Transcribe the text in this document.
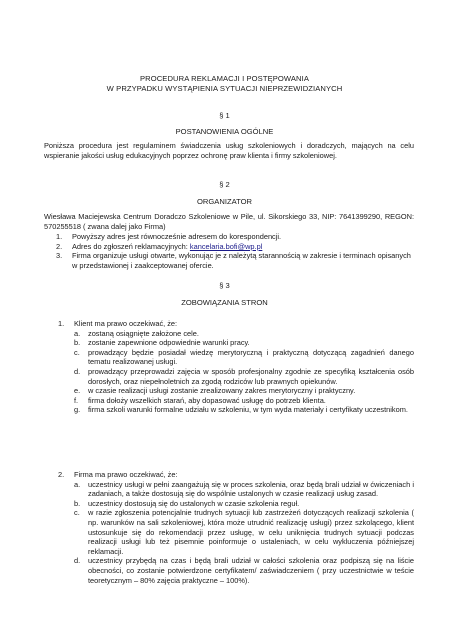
PROCEDURA REKLAMACJI I POSTĘPOWANIA
W PRZYPADKU WYSTĄPIENIA SYTUACJI NIEPRZEWIDZIANYCH
§ 1
POSTANOWIENIA OGÓLNE
Poniższa procedura jest regulaminem świadczenia usług szkoleniowych i doradczych, mających na celu wspieranie jakości usług edukacyjnych poprzez ochronę praw klienta i firmy szkoleniowej.
§ 2
ORGANIZATOR
Wiesława Maciejewska Centrum Doradczo Szkoleniowe w Pile, ul. Sikorskiego 33, NIP: 7641399290, REGON: 570255518 ( zwana dalej jako Firma)
1. Powyższy adres jest równocześnie adresem do korespondencji.
2. Adres do zgłoszeń reklamacyjnych: kancelaria.bofi@wp.pl
3. Firma organizuje usługi otwarte, wykonując je z należytą starannością w zakresie i terminach opisanych w przedstawionej i zaakceptowanej ofercie.
§ 3
ZOBOWIĄZANIA STRON
1. Klient ma prawo oczekiwać, że:
a. zostaną osiągnięte założone cele.
b. zostanie zapewnione odpowiednie warunki pracy.
c. prowadzący będzie posiadał wiedzę merytoryczną i praktyczną dotyczącą zagadnień danego tematu realizowanej usługi.
d. prowadzący przeprowadzi zajęcia w sposób profesjonalny zgodnie ze specyfiką kształcenia osób dorosłych, oraz niepełnoletnich za zgodą rodziców lub prawnych opiekunów.
e. w czasie realizacji usługi zostanie zrealizowany zakres merytoryczny i praktyczny.
f. firma dołoży wszelkich starań, aby dopasować usługę do potrzeb klienta.
g. firma szkoli warunki formalne udziału w szkoleniu, w tym wyda materiały i certyfikaty uczestnikom.
2. Firma ma prawo oczekiwać, że:
a. uczestnicy usługi w pełni zaangażują się w proces szkolenia, oraz będą brali udział w ćwiczeniach i zadaniach, a także dostosują się do wspólnie ustalonych w czasie realizacji usług zasad.
b. uczestnicy dostosują się do ustalonych w czasie szkolenia reguł.
c. w razie zgłoszenia potencjalnie trudnych sytuacji lub zastrzeżeń dotyczących realizacji szkolenia ( np. warunków na sali szkoleniowej, która może utrudnić realizację usługi) przez szkolącego, klient ustosunkuje się do rekomendacji przez usługę, w celu uniknięcia trudnych sytuacji podczas realizacji usługi lub też pisemnie poinformuje o ustaleniach, w celu wykluczenia późniejszej reklamacji.
d. uczestnicy przybędą na czas i będą brali udział w całości szkolenia oraz podpiszą się na liście obecności, co zostanie potwierdzone certyfikatem/ zaświadczeniem ( przy uczestnictwie w teście teoretycznym – 80% zajęcia praktyczne – 100%).
